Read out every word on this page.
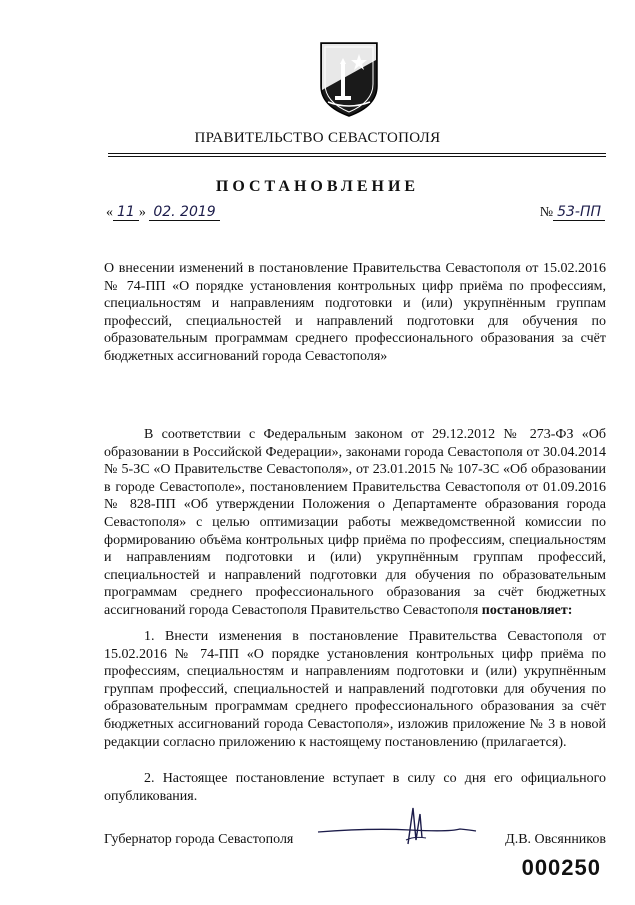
ПРАВИТЕЛЬСТВО СЕВАСТОПОЛЯ
ПОСТАНОВЛЕНИЕ
« 11 » 02. 2019	№ 53-ПП

О внесении изменений в постановление Правительства Севастополя от 15.02.2016 № 74-ПП «О порядке установления контрольных цифр приёма по профессиям, специальностям и направлениям подготовки и (или) укрупнённым группам профессий, специальностей и направлений подготовки для обучения по образовательным программам среднего профессионального образования за счёт бюджетных ассигнований города Севастополя»

В соответствии с Федеральным законом от 29.12.2012 № 273-ФЗ «Об образовании в Российской Федерации», законами города Севастополя от 30.04.2014 № 5-ЗС «О Правительстве Севастополя», от 23.01.2015 № 107-ЗС «Об образовании в городе Севастополе», постановлением Правительства Севастополя от 01.09.2016 № 828-ПП «Об утверждении Положения о Департаменте образования города Севастополя» с целью оптимизации работы межведомственной комиссии по формированию объёма контрольных цифр приёма по профессиям, специальностям и направлениям подготовки и (или) укрупнённым группам профессий, специальностей и направлений подготовки для обучения по образовательным программам среднего профессионального образования за счёт бюджетных ассигнований города Севастополя Правительство Севастополя постановляет:

1. Внести изменения в постановление Правительства Севастополя от 15.02.2016 № 74-ПП «О порядке установления контрольных цифр приёма по профессиям, специальностям и направлениям подготовки и (или) укрупнённым группам профессий, специальностей и направлений подготовки для обучения по образовательным программам среднего профессионального образования за счёт бюджетных ассигнований города Севастополя», изложив приложение № 3 в новой редакции согласно приложению к настоящему постановлению (прилагается).

2. Настоящее постановление вступает в силу со дня его официального опубликования.

Губернатор города Севастополя	Д.В. Овсянников
000250
